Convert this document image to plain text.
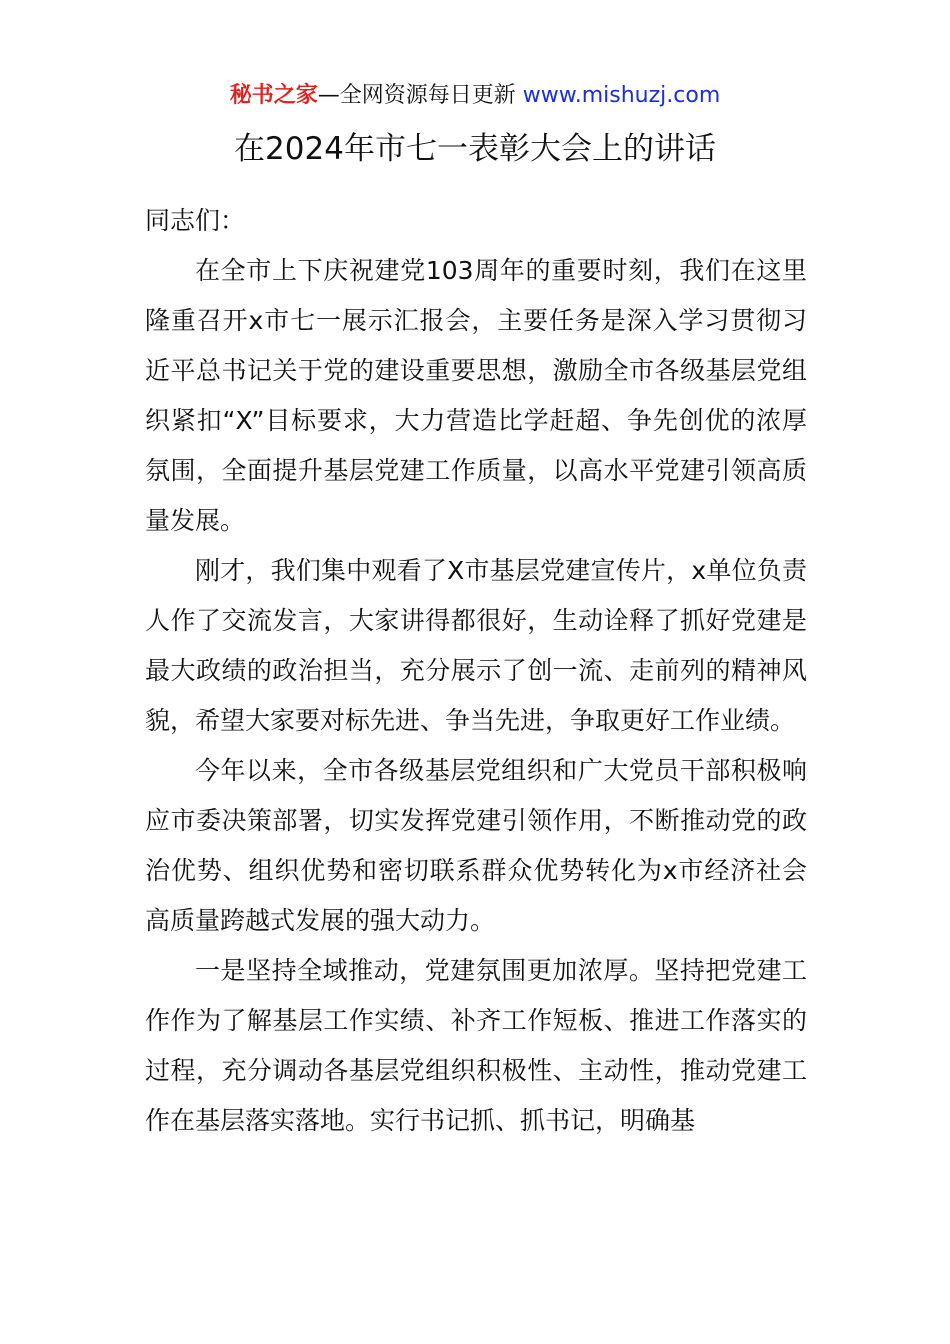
秘书之家—全网资源每日更新 www.mishuzj.com
在2024年市七一表彰大会上的讲话

同志们：

在全市上下庆祝建党103周年的重要时刻，我们在这里隆重召开x市七一展示汇报会，主要任务是深入学习贯彻习近平总书记关于党的建设重要思想，激励全市各级基层党组织紧扣“X”目标要求，大力营造比学赶超、争先创优的浓厚氛围，全面提升基层党建工作质量，以高水平党建引领高质量发展。

刚才，我们集中观看了X市基层党建宣传片，x单位负责人作了交流发言，大家讲得都很好，生动诠释了抓好党建是最大政绩的政治担当，充分展示了创一流、走前列的精神风貌，希望大家要对标先进、争当先进，争取更好工作业绩。

今年以来，全市各级基层党组织和广大党员干部积极响应市委决策部署，切实发挥党建引领作用，不断推动党的政治优势、组织优势和密切联系群众优势转化为x市经济社会高质量跨越式发展的强大动力。

一是坚持全域推动，党建氛围更加浓厚。坚持把党建工作作为了解基层工作实绩、补齐工作短板、推进工作落实的过程，充分调动各基层党组织积极性、主动性，推动党建工作在基层落实落地。实行书记抓、抓书记，明确基
